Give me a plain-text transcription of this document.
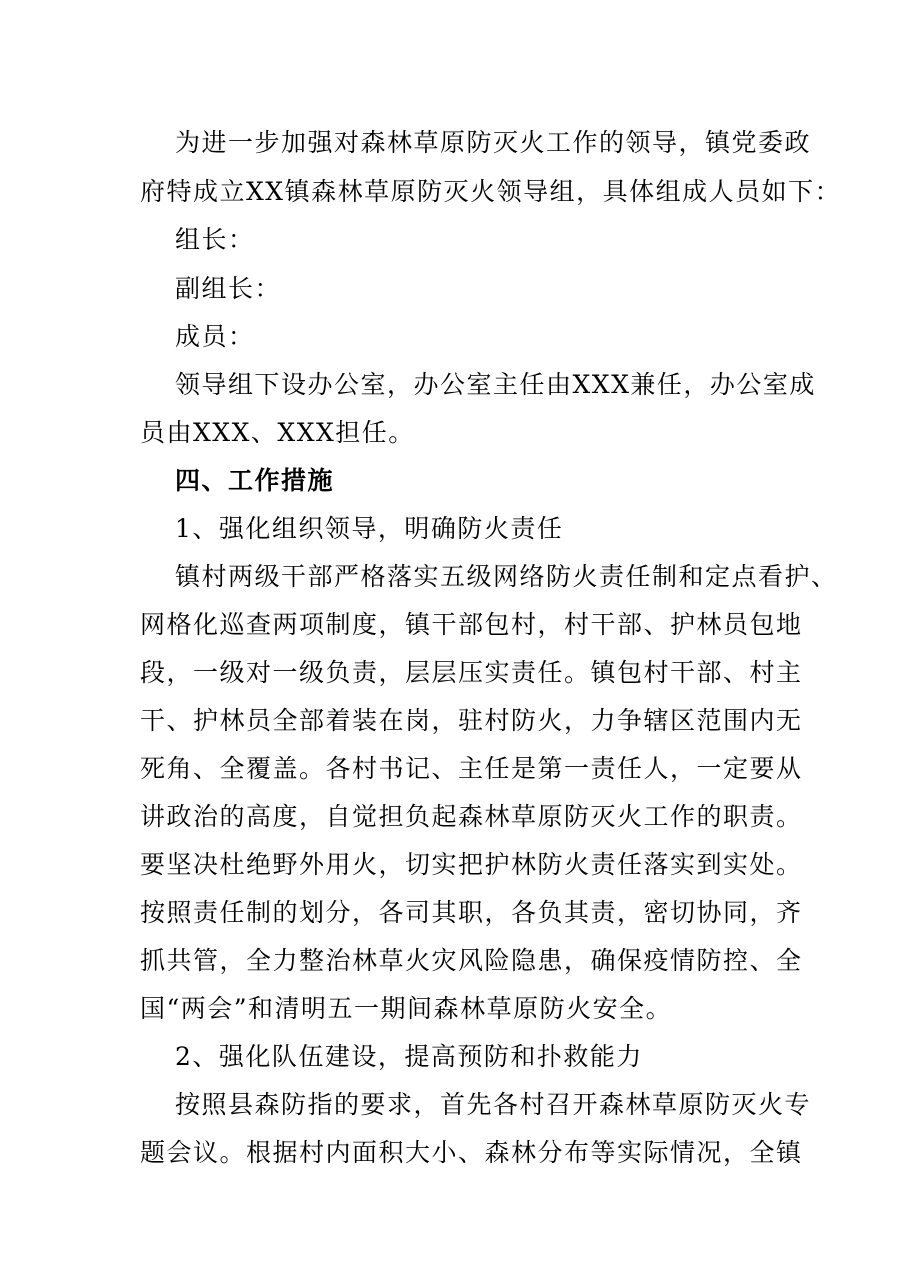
为进一步加强对森林草原防灭火工作的领导，镇党委政
府特成立XX镇森林草原防灭火领导组，具体组成人员如下：
组长：
副组长：
成员：
领导组下设办公室，办公室主任由XXX兼任，办公室成
员由XXX、XXX担任。
四、工作措施
1、强化组织领导，明确防火责任
镇村两级干部严格落实五级网络防火责任制和定点看护、
网格化巡查两项制度，镇干部包村，村干部、护林员包地
段，一级对一级负责，层层压实责任。镇包村干部、村主
干、护林员全部着装在岗，驻村防火，力争辖区范围内无
死角、全覆盖。各村书记、主任是第一责任人，一定要从
讲政治的高度，自觉担负起森林草原防灭火工作的职责。
要坚决杜绝野外用火，切实把护林防火责任落实到实处。
按照责任制的划分，各司其职，各负其责，密切协同，齐
抓共管，全力整治林草火灾风险隐患，确保疫情防控、全
国“两会”和清明五一期间森林草原防火安全。
2、强化队伍建设，提高预防和扑救能力
按照县森防指的要求，首先各村召开森林草原防灭火专
题会议。根据村内面积大小、森林分布等实际情况，全镇
